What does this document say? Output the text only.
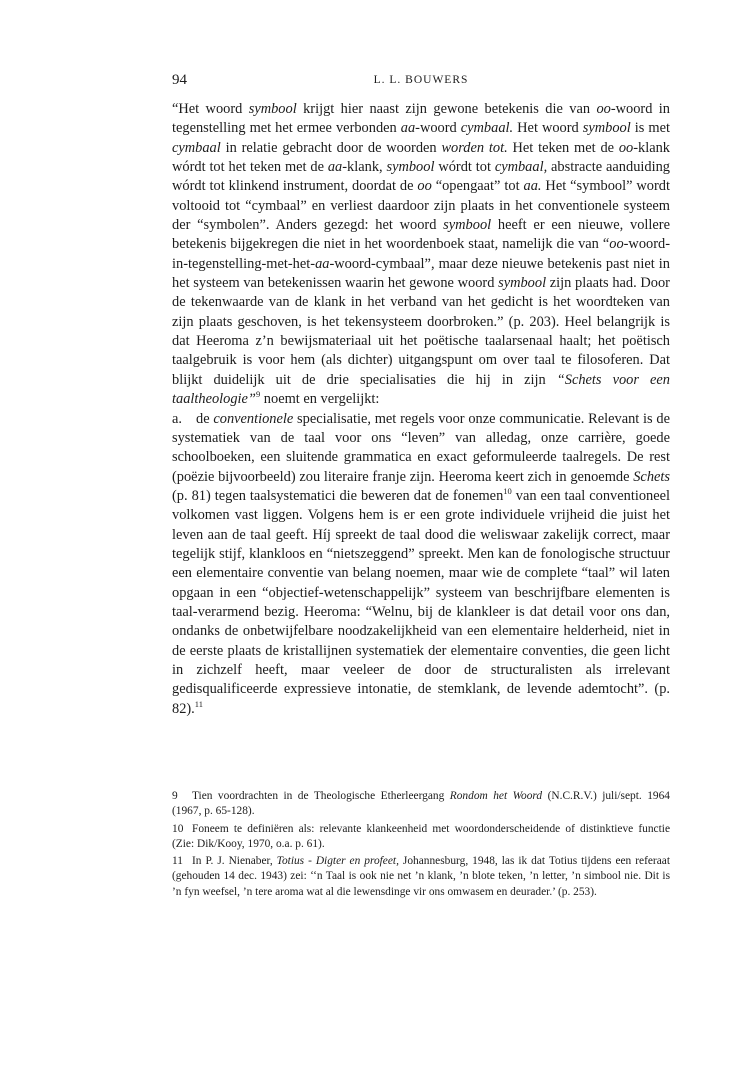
94	L. L. BOUWERS

“Het woord symbool krijgt hier naast zijn gewone betekenis die van oo-woord in tegenstelling met het ermee verbonden aa-woord cymbaal. Het woord symbool is met cymbaal in relatie gebracht door de woorden worden tot. Het teken met de oo-klank wórdt tot het teken met de aa-klank, symbool wórdt tot cymbaal, abstracte aanduiding wórdt tot klinkend instrument, doordat de oo “opengaat” tot aa. Het “symbool” wordt voltooid tot “cymbaal” en verliest daardoor zijn plaats in het conventionele systeem der “symbolen”. Anders gezegd: het woord symbool heeft er een nieuwe, vollere betekenis bijgekregen die niet in het woordenboek staat, namelijk die van “oo-woord-in-tegenstelling-met-het-aa-woord-cymbaal”, maar deze nieuwe betekenis past niet in het systeem van betekenissen waarin het gewone woord symbool zijn plaats had. Door de tekenwaarde van de klank in het verband van het gedicht is het woordteken van zijn plaats geschoven, is het tekensysteem doorbroken.” (p. 203). Heel belangrijk is dat Heeroma z’n bewijsmateriaal uit het poëtische taalarsenaal haalt; het poëtisch taalgebruik is voor hem (als dichter) uitgangspunt om over taal te filosoferen. Dat blijkt duidelijk uit de drie specialisaties die hij in zijn “Schets voor een taaltheologie”$^9$ noemt en vergelijkt:

a. de conventionele specialisatie, met regels voor onze communicatie. Relevant is de systematiek van de taal voor ons “leven” van alledag, onze carrière, goede schoolboeken, een sluitende grammatica en exact geformuleerde taalregels. De rest (poëzie bijvoorbeeld) zou literaire franje zijn. Heeroma keert zich in genoemde Schets (p. 81) tegen taalsystematici die beweren dat de fonemen$^{10}$ van een taal conventioneel volkomen vast liggen. Volgens hem is er een grote individuele vrijheid die juist het leven aan de taal geeft. Híj spreekt de taal dood die weliswaar zakelijk correct, maar tegelijk stijf, klankloos en “nietszeggend” spreekt. Men kan de fonologische structuur een elementaire conventie van belang noemen, maar wie de complete “taal” wil laten opgaan in een “objectief-wetenschappelijk” systeem van beschrijfbare elementen is taal-verarmend bezig. Heeroma: “Welnu, bij de klankleer is dat detail voor ons dan, ondanks de onbetwijfelbare noodzakelijkheid van een elementaire helderheid, niet in de eerste plaats de kristallijnen systematiek der elementaire conventies, die geen licht in zichzelf heeft, maar veeleer de door de structuralisten als irrelevant gedisqualificeerde expressieve intonatie, de stemklank, de levende ademtocht”. (p. 82).$^{11}$

9 Tien voordrachten in de Theologische Etherleergang Rondom het Woord (N.C.R.V.) juli/sept. 1964 (1967, p. 65-128).

10 Foneem te definiëren als: relevante klankeenheid met woordonderscheidende of distinktieve functie (Zie: Dik/Kooy, 1970, o.a. p. 61).

11 In P. J. Nienaber, Totius - Digter en profeet, Johannesburg, 1948, las ik dat Totius tijdens een referaat (gehouden 14 dec. 1943) zei: ‘‘n Taal is ook nie net ’n klank, ’n blote teken, ’n letter, ’n simbool nie. Dit is ’n fyn weefsel, ’n tere aroma wat al die lewensdinge vir ons omwasem en deurader.’ (p. 253).
